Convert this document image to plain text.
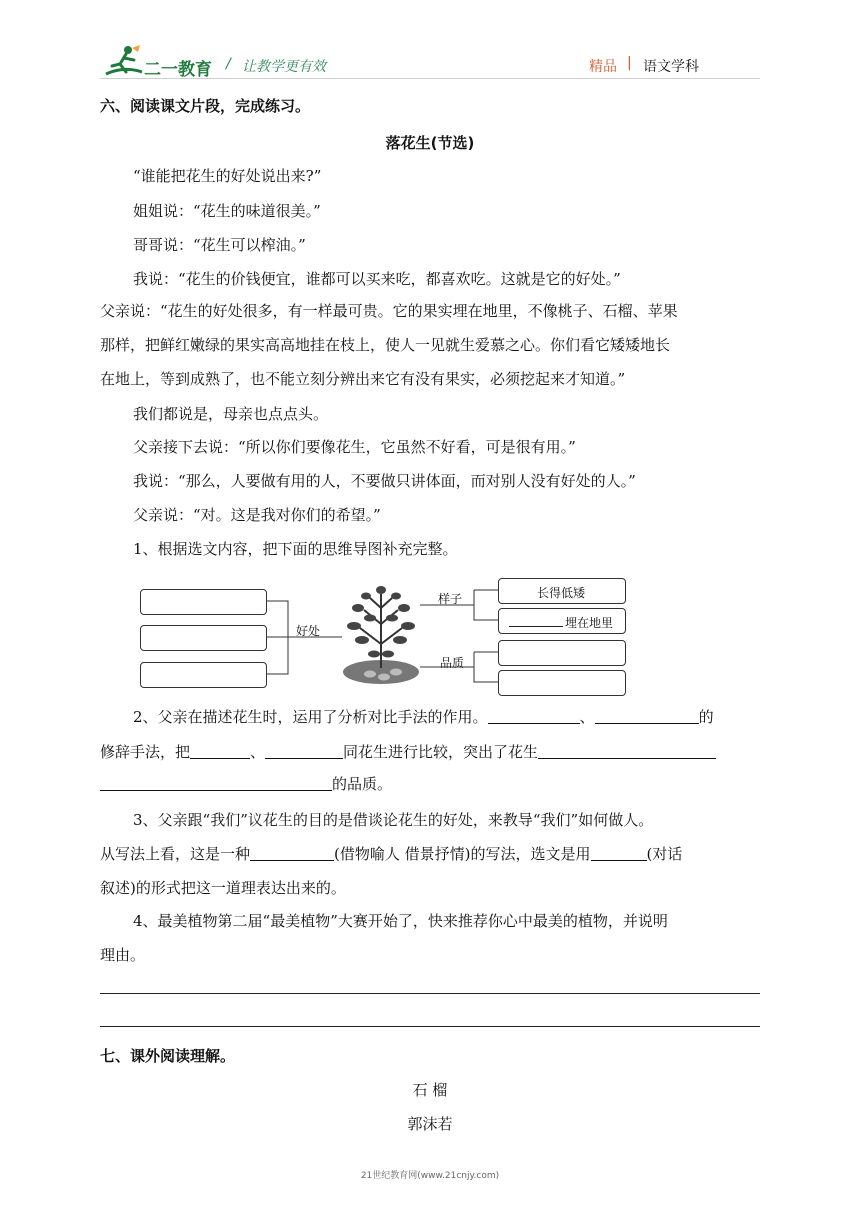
二一教育 / 让教学更有效	精品 | 语文学科
六、阅读课文片段，完成练习。
落花生(节选)
“谁能把花生的好处说出来?”
姐姐说：“花生的味道很美。”
哥哥说：“花生可以榨油。”
我说：“花生的价钱便宜，谁都可以买来吃，都喜欢吃。这就是它的好处。”
父亲说：“花生的好处很多，有一样最可贵。它的果实埋在地里，不像桃子、石榴、苹果
那样，把鲜红嫩绿的果实高高地挂在枝上，使人一见就生爱慕之心。你们看它矮矮地长
在地上，等到成熟了，也不能立刻分辨出来它有没有果实，必须挖起来才知道。”
我们都说是，母亲也点点头。
父亲接下去说：“所以你们要像花生，它虽然不好看，可是很有用。”
我说：“那么，人要做有用的人，不要做只讲体面，而对别人没有好处的人。”
父亲说：“对。这是我对你们的希望。”
1、根据选文内容，把下面的思维导图补充完整。
好处
样子
品质
长得低矮
埋在地里
2、父亲在描述花生时，运用了分析对比手法的作用。	、	的
修辞手法，把	、	同花生进行比较，突出了花生
的品质。
3、父亲跟“我们”议花生的目的是借谈论花生的好处，来教导“我们”如何做人。
从写法上看，这是一种	(借物喻人 借景抒情)的写法，选文是用	(对话
叙述)的形式把这一道理表达出来的。
4、最美植物第二届“最美植物”大赛开始了，快来推荐你心中最美的植物，并说明
理由。
七、课外阅读理解。
石 榴
郭沫若
21世纪教育网(www.21cnjy.com)
